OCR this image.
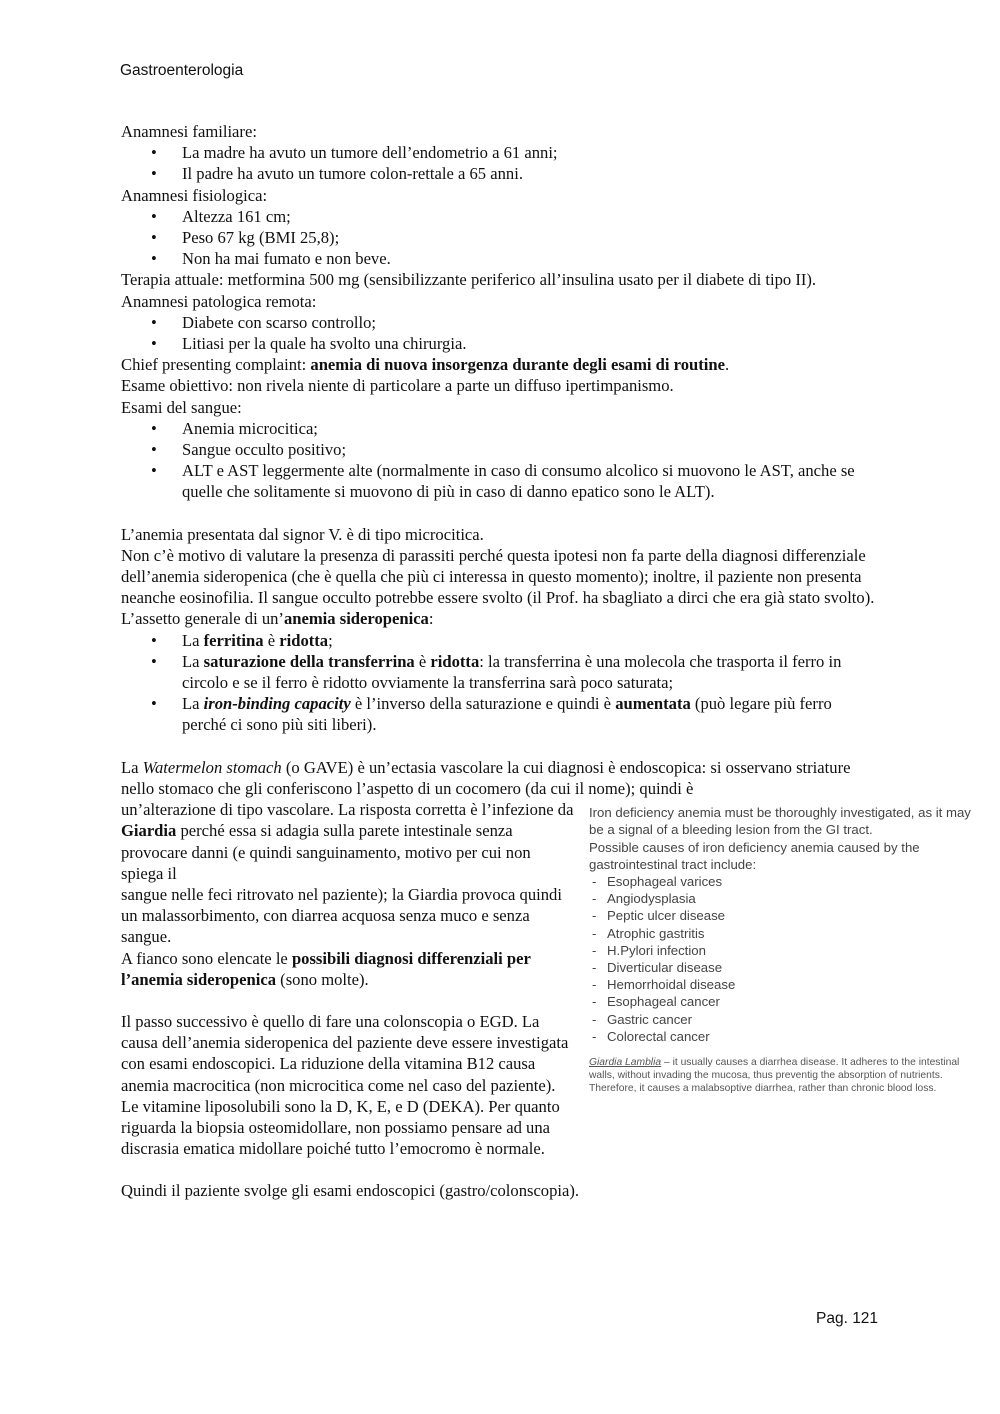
Gastroenterologia

Anamnesi familiare:

• La madre ha avuto un tumore dell’endometrio a 61 anni;
• Il padre ha avuto un tumore colon-rettale a 65 anni.

Anamnesi fisiologica:

• Altezza 161 cm;
• Peso 67 kg (BMI 25,8);
• Non ha mai fumato e non beve.

Terapia attuale: metformina 500 mg (sensibilizzante periferico all’insulina usato per il diabete di tipo II).

Anamnesi patologica remota:

• Diabete con scarso controllo;
• Litiasi per la quale ha svolto una chirurgia.

Chief presenting complaint: anemia di nuova insorgenza durante degli esami di routine.

Esame obiettivo: non rivela niente di particolare a parte un diffuso ipertimpanismo.

Esami del sangue:

• Anemia microcitica;
• Sangue occulto positivo;
• ALT e AST leggermente alte (normalmente in caso di consumo alcolico si muovono le AST, anche se quelle che solitamente si muovono di più in caso di danno epatico sono le ALT).

L’anemia presentata dal signor V. è di tipo microcitica.

Non c’è motivo di valutare la presenza di parassiti perché questa ipotesi non fa parte della diagnosi differenziale dell’anemia sideropenica (che è quella che più ci interessa in questo momento); inoltre, il paziente non presenta neanche eosinofilia. Il sangue occulto potrebbe essere svolto (il Prof. ha sbagliato a dirci che era già stato svolto).

L’assetto generale di un’anemia sideropenica:

• La ferritina è ridotta;
• La saturazione della transferrina è ridotta: la transferrina è una molecola che trasporta il ferro in circolo e se il ferro è ridotto ovviamente la transferrina sarà poco saturata;
• La iron-binding capacity è l’inverso della saturazione e quindi è aumentata (può legare più ferro perché ci sono più siti liberi).

La Watermelon stomach (o GAVE) è un’ectasia vascolare la cui diagnosi è endoscopica: si osservano striature nello stomaco che gli conferiscono l’aspetto di un cocomero (da cui il nome); quindi è

un’alterazione di tipo vascolare. La risposta corretta è l’infezione da Giardia perché essa si adagia sulla parete intestinale senza provocare danni (e quindi sanguinamento, motivo per cui non spiega il
sangue nelle feci ritrovato nel paziente); la Giardia provoca quindi un malassorbimento, con diarrea acquosa senza muco e senza sangue.

A fianco sono elencate le possibili diagnosi differenziali per l’anemia sideropenica (sono molte).

Il passo successivo è quello di fare una colonscopia o EGD. La causa dell’anemia sideropenica del paziente deve essere investigata con esami endoscopici. La riduzione della vitamina B12 causa anemia macrocitica (non microcitica come nel caso del paziente). Le vitamine liposolubili sono la D, K, E, e D (DEKA). Per quanto riguarda la biopsia osteomidollare, non possiamo pensare ad una discrasia ematica midollare poiché tutto l’emocromo è normale.

Quindi il paziente svolge gli esami endoscopici (gastro/colonscopia).
Iron deficiency anemia must be thoroughly investigated, as it may be a signal of a bleeding lesion from the GI tract.
Possible causes of iron deficiency anemia caused by the gastrointestinal tract include:
- Esophageal varices
- Angiodysplasia
- Peptic ulcer disease
- Atrophic gastritis
- H.Pylori infection
- Diverticular disease
- Hemorrhoidal disease
- Esophageal cancer
- Gastric cancer
- Colorectal cancer
Giardia Lamblia – it usually causes a diarrhea disease. It adheres to the intestinal walls, without invading the mucosa, thus preventig the absorption of nutrients. Therefore, it causes a malabsoptive diarrhea, rather than chronic blood loss.
Pag. 121
